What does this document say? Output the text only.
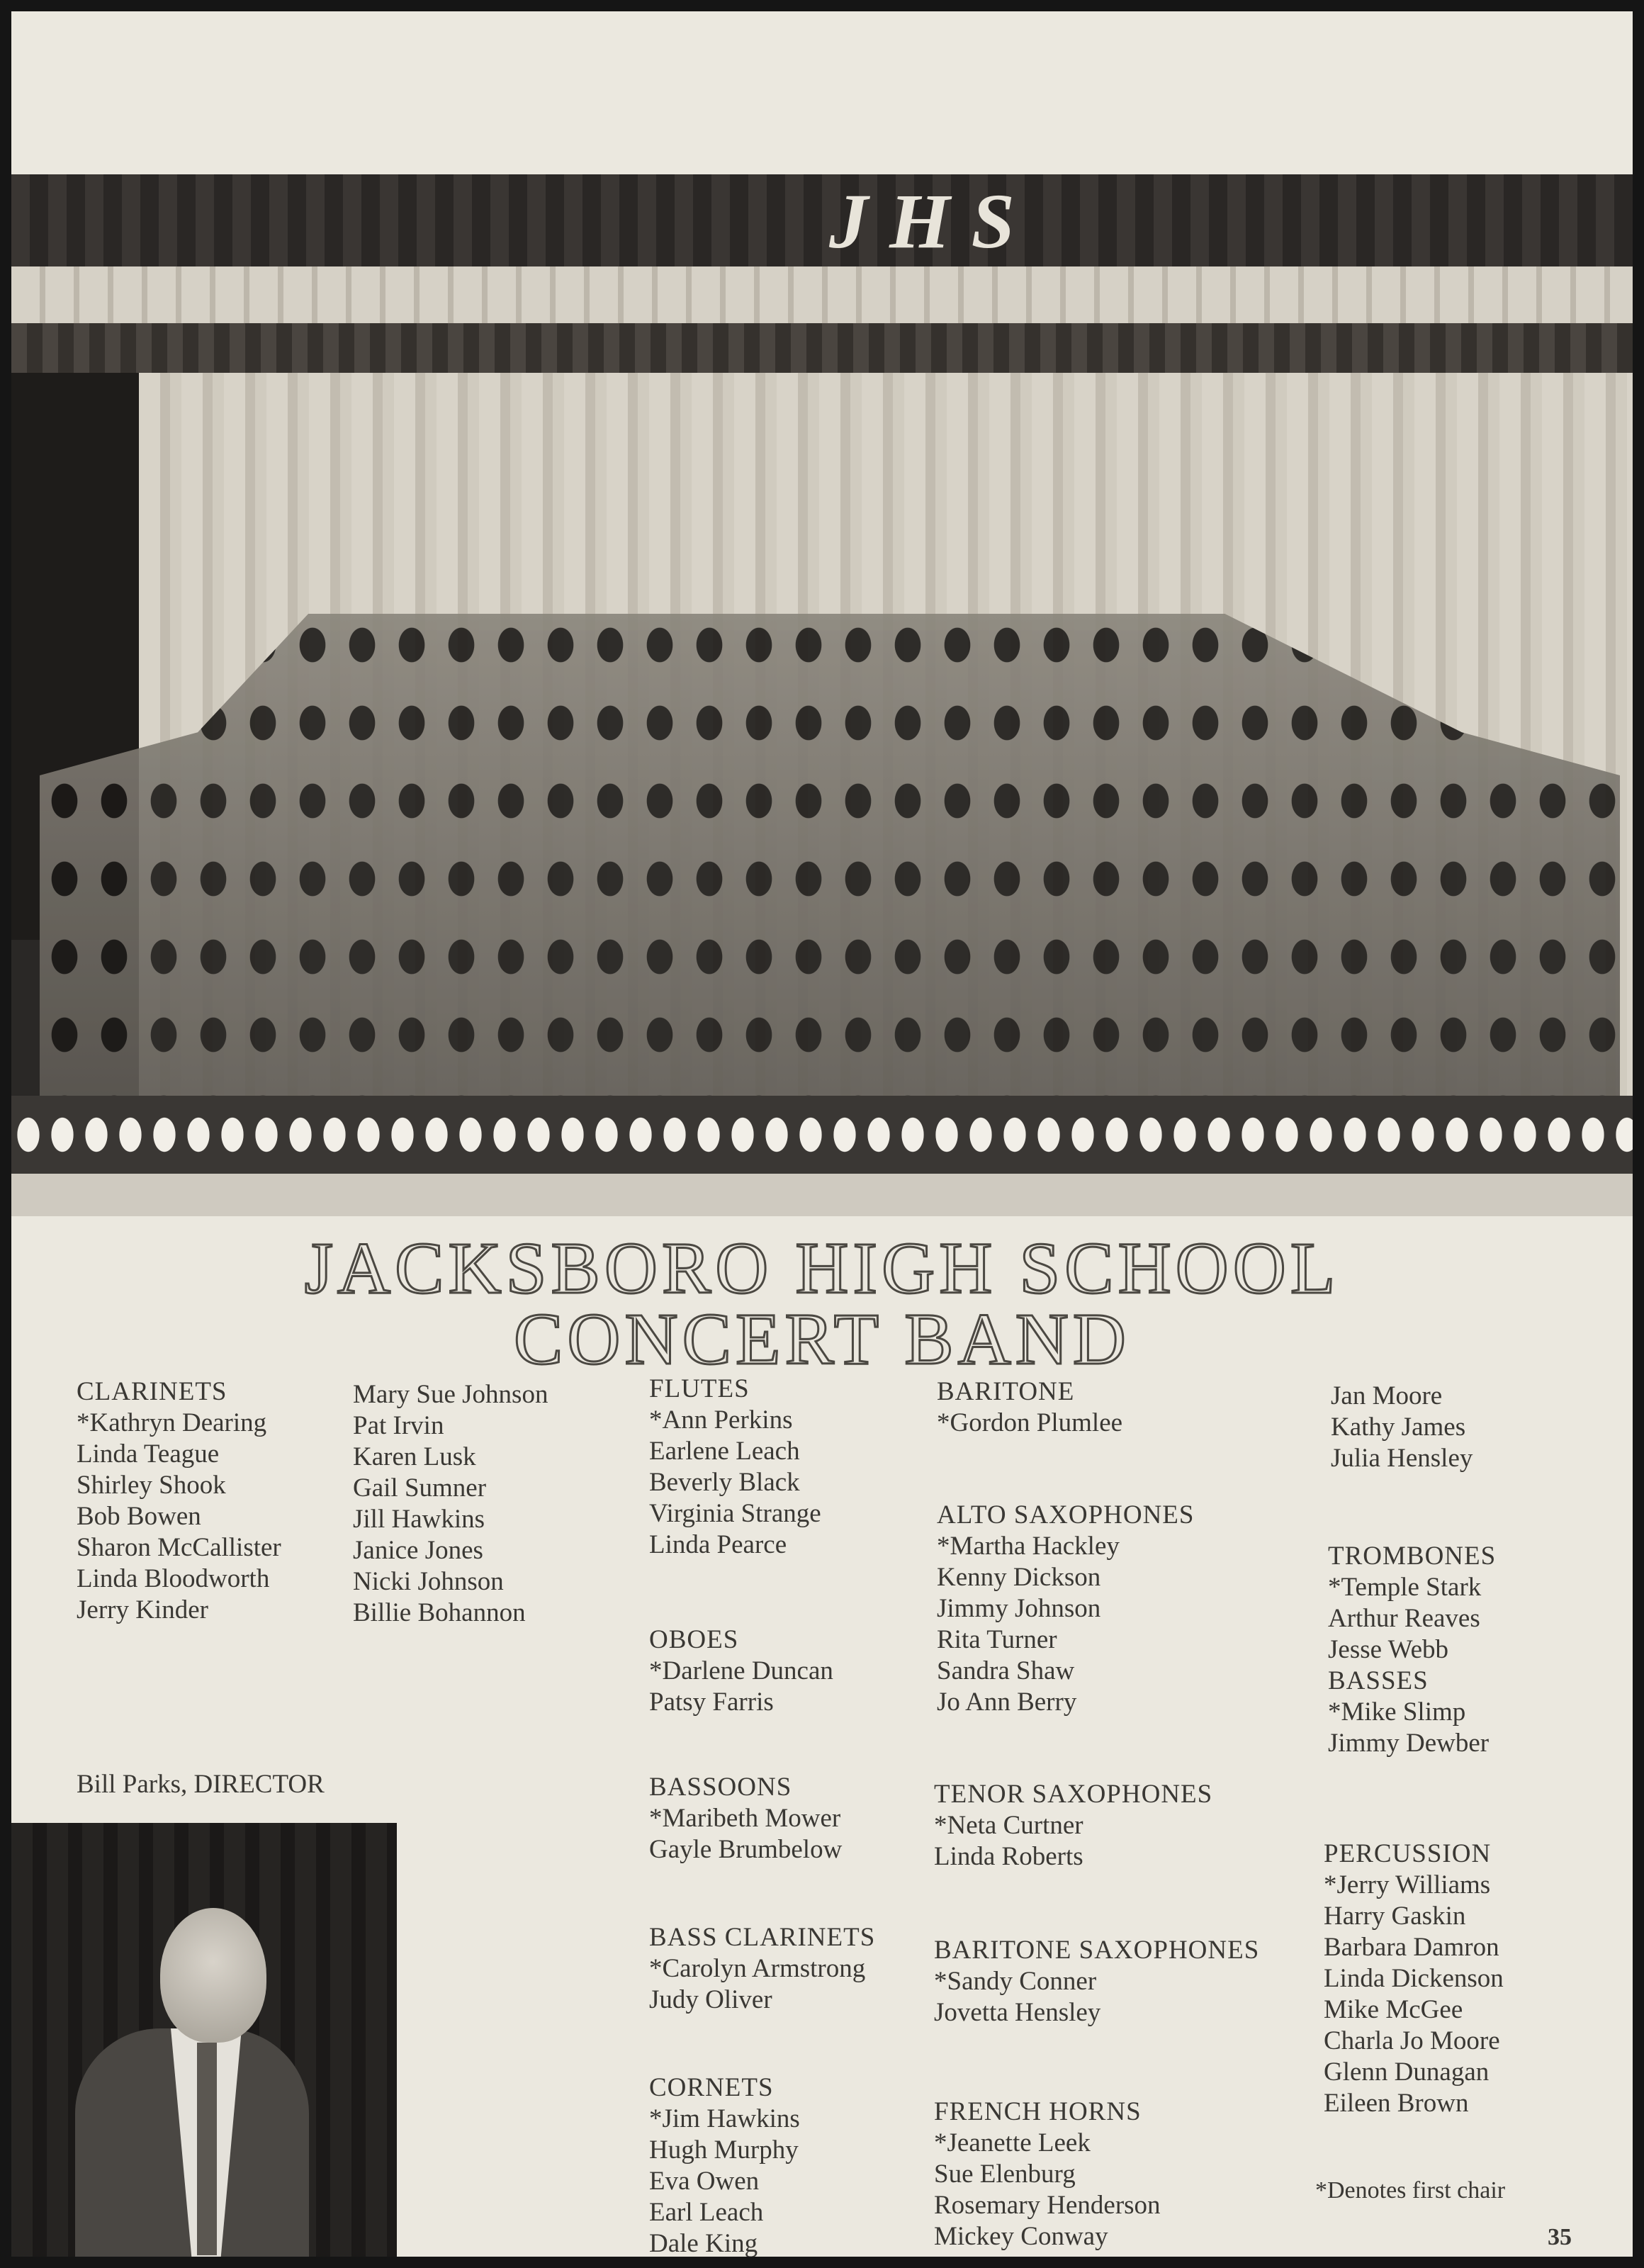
JHS
JACKSBORO HIGH SCHOOL
CONCERT BAND
CLARINETS
*Kathryn Dearing
Linda Teague
Shirley Shook
Bob Bowen
Sharon McCallister
Linda Bloodworth
Jerry Kinder
Mary Sue Johnson
Pat Irvin
Karen Lusk
Gail Sumner
Jill Hawkins
Janice Jones
Nicki Johnson
Billie Bohannon
FLUTES
*Ann Perkins
Earlene Leach
Beverly Black
Virginia Strange
Linda Pearce
OBOES
*Darlene Duncan
Patsy Farris
BASSOONS
*Maribeth Mower
Gayle Brumbelow
BASS CLARINETS
*Carolyn Armstrong
Judy Oliver
CORNETS
*Jim Hawkins
Hugh Murphy
Eva Owen
Earl Leach
Dale King
BARITONE
*Gordon Plumlee
ALTO SAXOPHONES
*Martha Hackley
Kenny Dickson
Jimmy Johnson
Rita Turner
Sandra Shaw
Jo Ann Berry
TENOR SAXOPHONES
*Neta Curtner
Linda Roberts
BARITONE SAXOPHONES
*Sandy Conner
Jovetta Hensley
FRENCH HORNS
*Jeanette Leek
Sue Elenburg
Rosemary Henderson
Mickey Conway
Jan Moore
Kathy James
Julia Hensley
TROMBONES
*Temple Stark
Arthur Reaves
Jesse Webb
BASSES
*Mike Slimp
Jimmy Dewber
PERCUSSION
*Jerry Williams
Harry Gaskin
Barbara Damron
Linda Dickenson
Mike McGee
Charla Jo Moore
Glenn Dunagan
Eileen Brown
Bill Parks, DIRECTOR
*Denotes first chair
35
